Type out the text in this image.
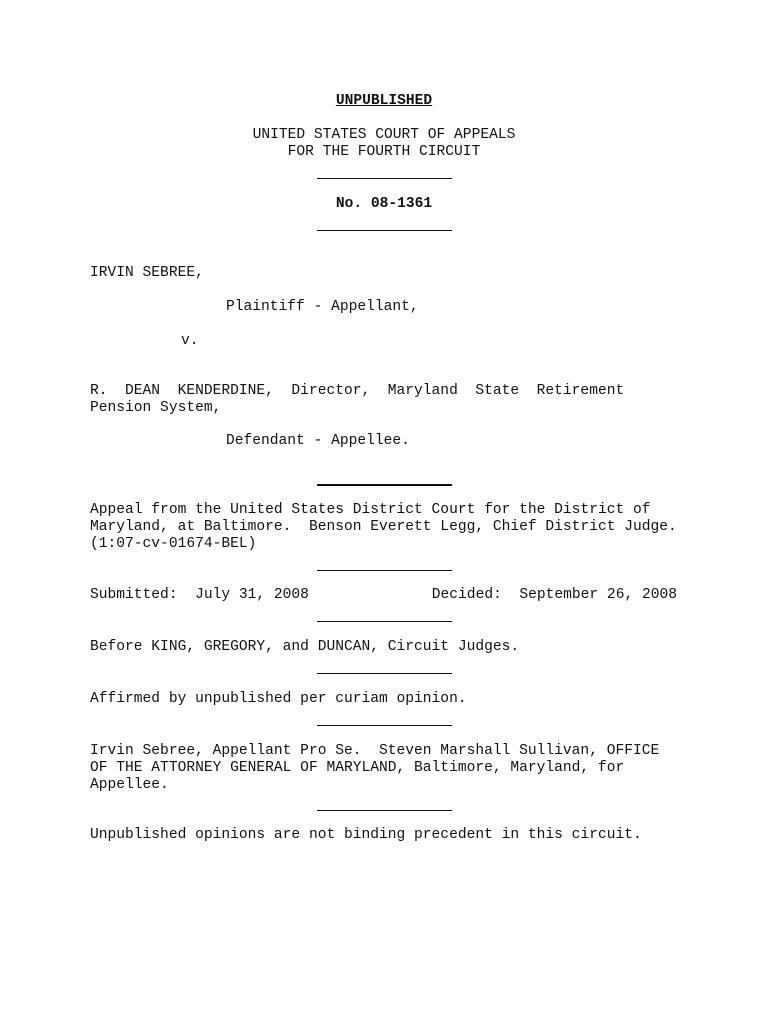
UNPUBLISHED
UNITED STATES COURT OF APPEALS
FOR THE FOURTH CIRCUIT
No. 08-1361
IRVIN SEBREE,
Plaintiff - Appellant,
v.
R.  DEAN  KENDERDINE,  Director,  Maryland  State  Retirement
Pension System,
Defendant - Appellee.
Appeal from the United States District Court for the District of
Maryland, at Baltimore.  Benson Everett Legg, Chief District Judge.
(1:07-cv-01674-BEL)
Submitted:  July 31, 2008	Decided:  September 26, 2008
Before KING, GREGORY, and DUNCAN, Circuit Judges.
Affirmed by unpublished per curiam opinion.
Irvin Sebree, Appellant Pro Se.  Steven Marshall Sullivan, OFFICE
OF THE ATTORNEY GENERAL OF MARYLAND, Baltimore, Maryland, for
Appellee.
Unpublished opinions are not binding precedent in this circuit.
